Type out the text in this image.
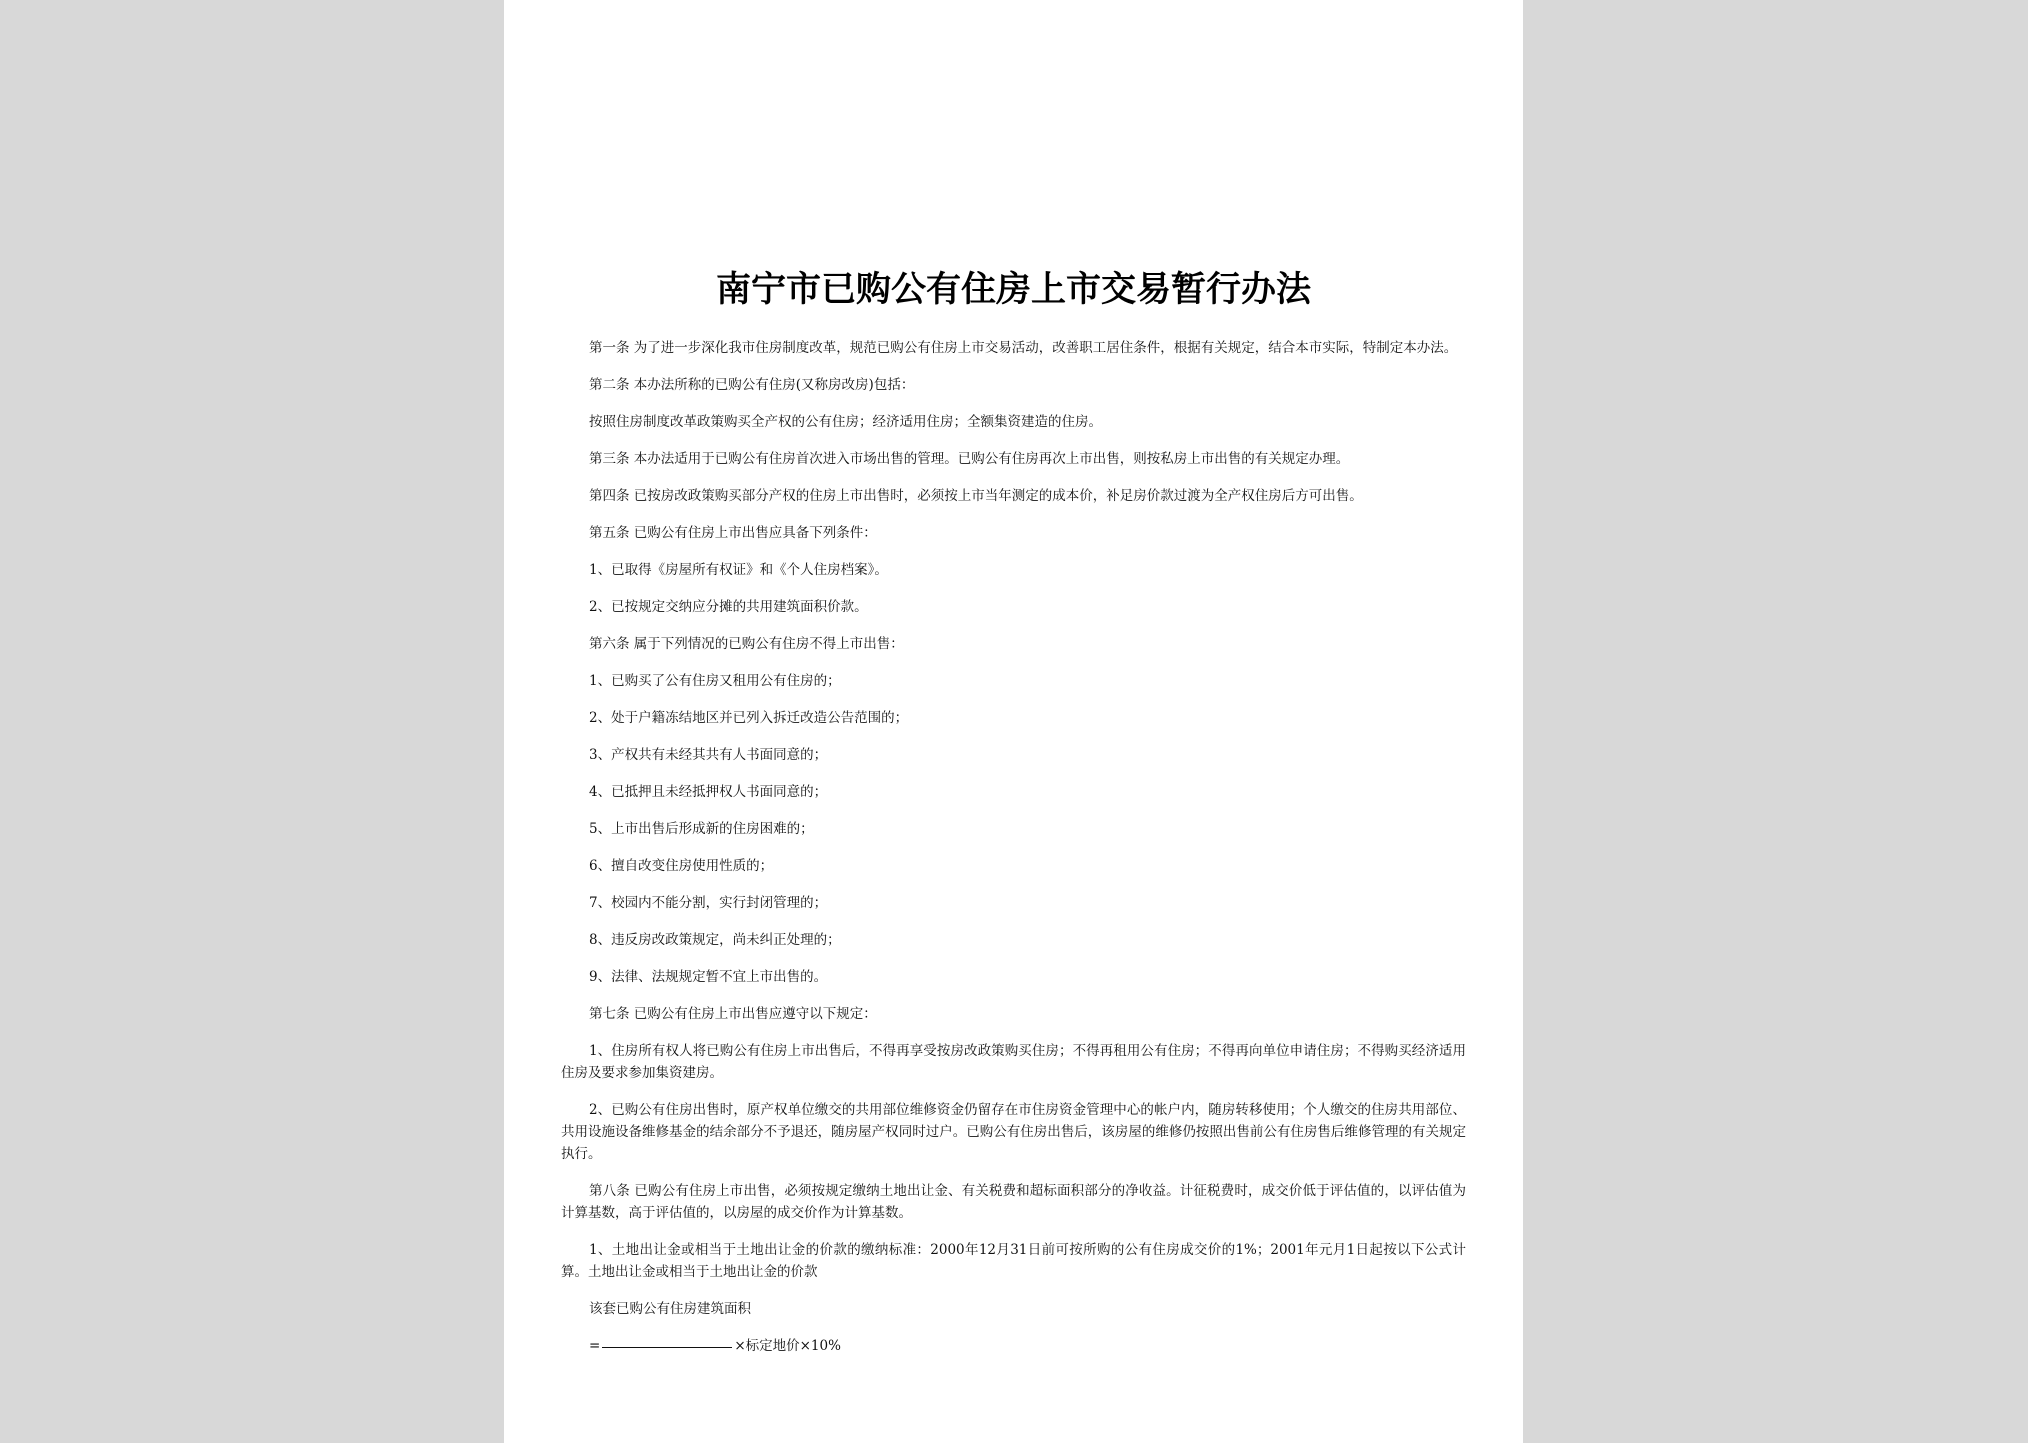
南宁市已购公有住房上市交易暂行办法

第一条 为了进一步深化我市住房制度改革，规范已购公有住房上市交易活动，改善职工居住条件，根据有关规定，结合本市实际，特制定本办法。

第二条 本办法所称的已购公有住房(又称房改房)包括：

按照住房制度改革政策购买全产权的公有住房；经济适用住房；全额集资建造的住房。

第三条 本办法适用于已购公有住房首次进入市场出售的管理。已购公有住房再次上市出售，则按私房上市出售的有关规定办理。

第四条 已按房改政策购买部分产权的住房上市出售时，必须按上市当年测定的成本价，补足房价款过渡为全产权住房后方可出售。

第五条 已购公有住房上市出售应具备下列条件：

1、已取得《房屋所有权证》和《个人住房档案》。

2、已按规定交纳应分摊的共用建筑面积价款。

第六条 属于下列情况的已购公有住房不得上市出售：

1、已购买了公有住房又租用公有住房的；

2、处于户籍冻结地区并已列入拆迁改造公告范围的；

3、产权共有未经其共有人书面同意的；

4、已抵押且未经抵押权人书面同意的；

5、上市出售后形成新的住房困难的；

6、擅自改变住房使用性质的；

7、校园内不能分割，实行封闭管理的；

8、违反房改政策规定，尚未纠正处理的；

9、法律、法规规定暂不宜上市出售的。

第七条 已购公有住房上市出售应遵守以下规定：

1、住房所有权人将已购公有住房上市出售后，不得再享受按房改政策购买住房；不得再租用公有住房；不得再向单位申请住房；不得购买经济适用住房及要求参加集资建房。

2、已购公有住房出售时，原产权单位缴交的共用部位维修资金仍留存在市住房资金管理中心的帐户内，随房转移使用；个人缴交的住房共用部位、共用设施设备维修基金的结余部分不予退还，随房屋产权同时过户。已购公有住房出售后，该房屋的维修仍按照出售前公有住房售后维修管理的有关规定执行。

第八条 已购公有住房上市出售，必须按规定缴纳土地出让金、有关税费和超标面积部分的净收益。计征税费时，成交价低于评估值的，以评估值为计算基数，高于评估值的，以房屋的成交价作为计算基数。

1、土地出让金或相当于土地出让金的价款的缴纳标准：2000年12月31日前可按所购的公有住房成交价的1%；2001年元月1日起按以下公式计算。土地出让金或相当于土地出让金的价款

该套已购公有住房建筑面积

=	×标定地价×10%
